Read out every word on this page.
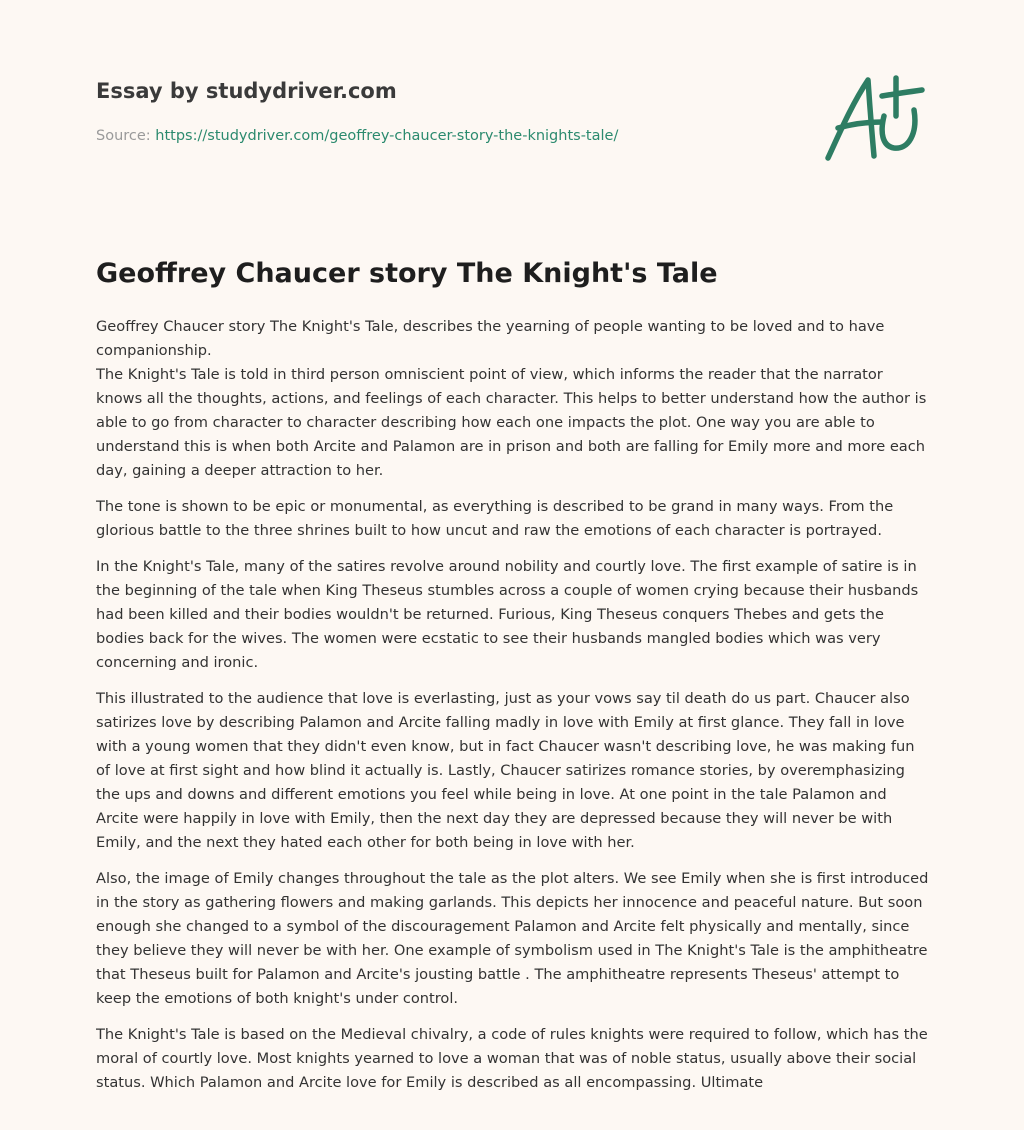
Essay by studydriver.com

Source: https://studydriver.com/geoffrey-chaucer-story-the-knights-tale/
Geoffrey Chaucer story The Knight's Tale

Geoffrey Chaucer story The Knight's Tale, describes the yearning of people wanting to be loved and to have companionship.
The Knight's Tale is told in third person omniscient point of view, which informs the reader that the narrator knows all the thoughts, actions, and feelings of each character. This helps to better understand how the author is able to go from character to character describing how each one impacts the plot. One way you are able to understand this is when both Arcite and Palamon are in prison and both are falling for Emily more and more each day, gaining a deeper attraction to her.

The tone is shown to be epic or monumental, as everything is described to be grand in many ways. From the glorious battle to the three shrines built to how uncut and raw the emotions of each character is portrayed.

In the Knight's Tale, many of the satires revolve around nobility and courtly love. The first example of satire is in the beginning of the tale when King Theseus stumbles across a couple of women crying because their husbands had been killed and their bodies wouldn't be returned. Furious, King Theseus conquers Thebes and gets the bodies back for the wives. The women were ecstatic to see their husbands mangled bodies which was very concerning and ironic.

This illustrated to the audience that love is everlasting, just as your vows say til death do us part. Chaucer also satirizes love by describing Palamon and Arcite falling madly in love with Emily at first glance. They fall in love with a young women that they didn't even know, but in fact Chaucer wasn't describing love, he was making fun of love at first sight and how blind it actually is. Lastly, Chaucer satirizes romance stories, by overemphasizing the ups and downs and different emotions you feel while being in love. At one point in the tale Palamon and Arcite were happily in love with Emily, then the next day they are depressed because they will never be with Emily, and the next they hated each other for both being in love with her.

Also, the image of Emily changes throughout the tale as the plot alters. We see Emily when she is first introduced in the story as gathering flowers and making garlands. This depicts her innocence and peaceful nature. But soon enough she changed to a symbol of the discouragement Palamon and Arcite felt physically and mentally, since they believe they will never be with her. One example of symbolism used in The Knight's Tale is the amphitheatre that Theseus built for Palamon and Arcite's jousting battle . The amphitheatre represents Theseus' attempt to keep the emotions of both knight's under control.

The Knight's Tale is based on the Medieval chivalry, a code of rules knights were required to follow, which has the moral of courtly love. Most knights yearned to love a woman that was of noble status, usually above their social status. Which Palamon and Arcite love for Emily is described as all encompassing. Ultimate
